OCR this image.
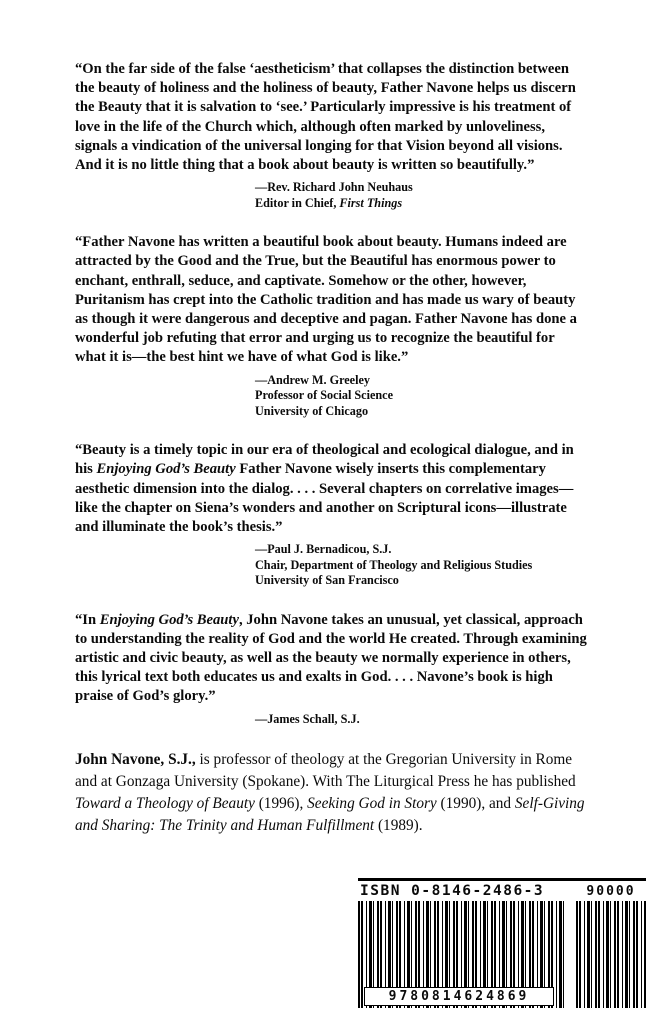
“On the far side of the false ‘aestheticism’ that collapses the distinction between the beauty of holiness and the holiness of beauty, Father Navone helps us discern the Beauty that it is salvation to ‘see.’ Particularly impressive is his treatment of love in the life of the Church which, although often marked by unloveliness, signals a vindication of the universal longing for that Vision beyond all visions. And it is no little thing that a book about beauty is written so beautifully.”

—Rev. Richard John Neuhaus
Editor in Chief, First Things

“Father Navone has written a beautiful book about beauty. Humans indeed are attracted by the Good and the True, but the Beautiful has enormous power to enchant, enthrall, seduce, and captivate. Somehow or the other, however, Puritanism has crept into the Catholic tradition and has made us wary of beauty as though it were dangerous and deceptive and pagan. Father Navone has done a wonderful job refuting that error and urging us to recognize the beautiful for what it is—the best hint we have of what God is like.”

—Andrew M. Greeley
Professor of Social Science
University of Chicago

“Beauty is a timely topic in our era of theological and ecological dialogue, and in his Enjoying God’s Beauty Father Navone wisely inserts this complementary aesthetic dimension into the dialog. . . . Several chapters on correlative images—like the chapter on Siena’s wonders and another on Scriptural icons—illustrate and illuminate the book’s thesis.”

—Paul J. Bernadicou, S.J.
Chair, Department of Theology and Religious Studies
University of San Francisco

“In Enjoying God’s Beauty, John Navone takes an unusual, yet classical, approach to understanding the reality of God and the world He created. Through examining artistic and civic beauty, as well as the beauty we normally experience in others, this lyrical text both educates us and exalts in God. . . . Navone’s book is high praise of God’s glory.”

—James Schall, S.J.

John Navone, S.J., is professor of theology at the Gregorian University in Rome and at Gonzaga University (Spokane). With The Liturgical Press he has published Toward a Theology of Beauty (1996), Seeking God in Story (1990), and Self-Giving and Sharing: The Trinity and Human Fulfillment (1989).

ISBN 0-8146-2486-3
9780814624869
90000
